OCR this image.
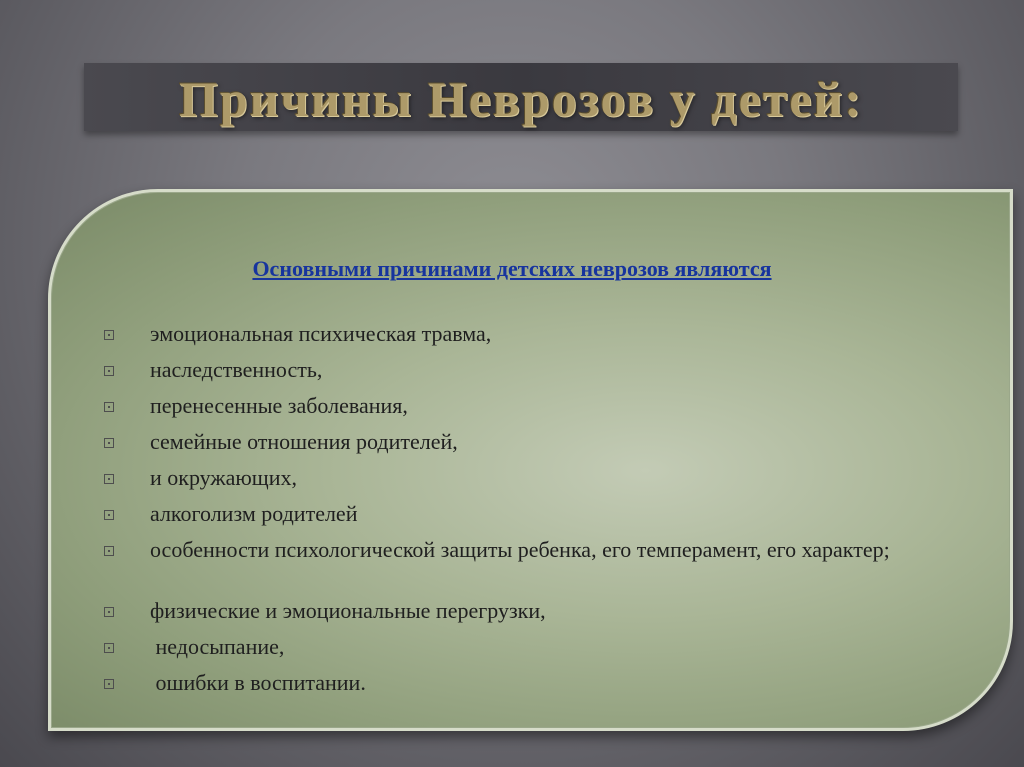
Причины Неврозов у детей:

Основными причинами детских неврозов являются

эмоциональная психическая травма,
наследственность,
перенесенные заболевания,
семейные отношения родителей,
и окружающих,
алкоголизм родителей
особенности психологической защиты ребенка, его темперамент, его характер;
физические и эмоциональные перегрузки,
недосыпание,
ошибки в воспитании.
